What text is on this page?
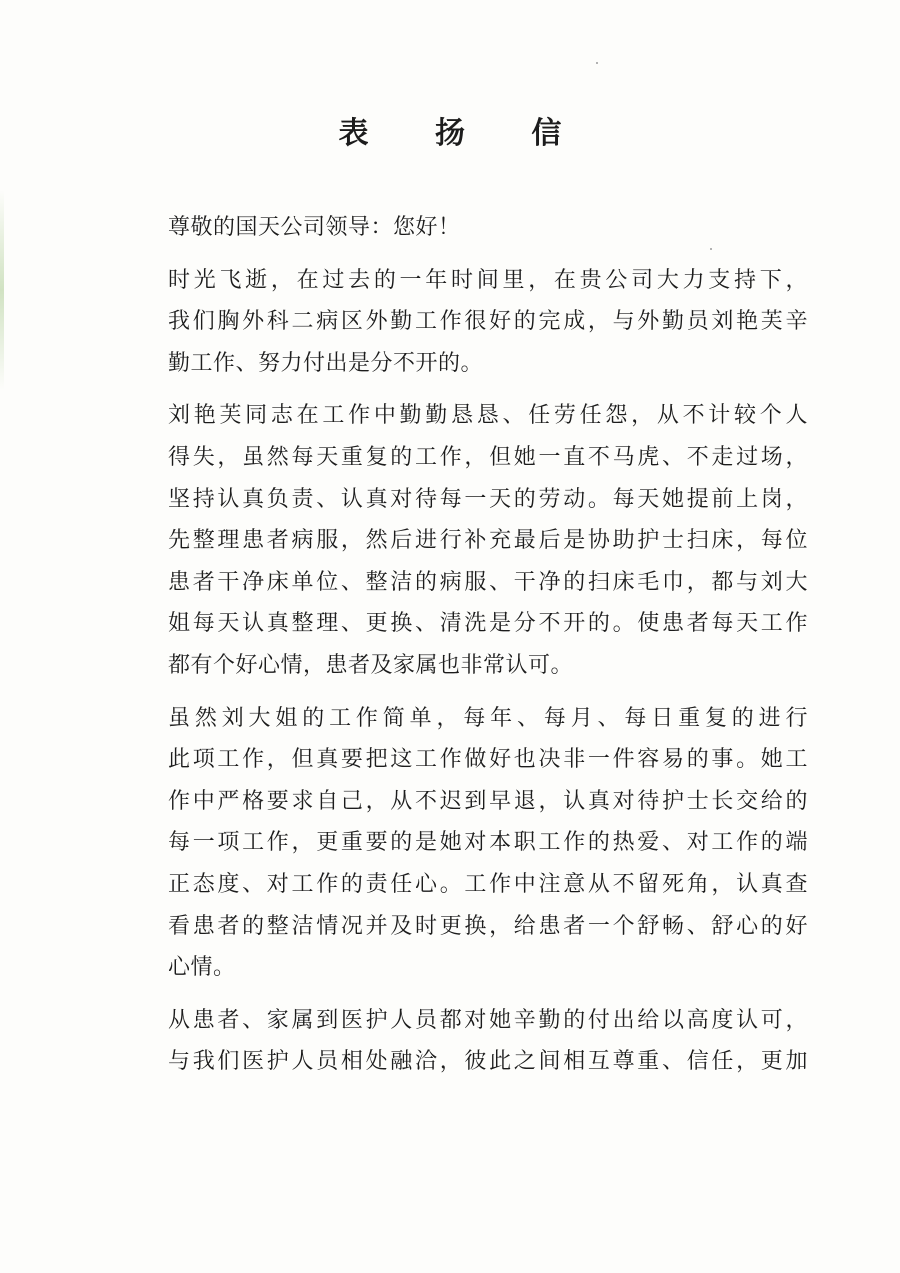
表 扬 信
尊敬的国天公司领导：您好！
时光飞逝，在过去的一年时间里，在贵公司大力支持下，
我们胸外科二病区外勤工作很好的完成，与外勤员刘艳芙辛
勤工作、努力付出是分不开的。
刘艳芙同志在工作中勤勤恳恳、任劳任怨，从不计较个人
得失，虽然每天重复的工作，但她一直不马虎、不走过场，
坚持认真负责、认真对待每一天的劳动。每天她提前上岗，
先整理患者病服，然后进行补充最后是协助护士扫床，每位
患者干净床单位、整洁的病服、干净的扫床毛巾，都与刘大
姐每天认真整理、更换、清洗是分不开的。使患者每天工作
都有个好心情，患者及家属也非常认可。
虽然刘大姐的工作简单，每年、每月、每日重复的进行
此项工作，但真要把这工作做好也决非一件容易的事。她工
作中严格要求自己，从不迟到早退，认真对待护士长交给的
每一项工作，更重要的是她对本职工作的热爱、对工作的端
正态度、对工作的责任心。工作中注意从不留死角，认真查
看患者的整洁情况并及时更换，给患者一个舒畅、舒心的好
心情。
从患者、家属到医护人员都对她辛勤的付出给以高度认可，
与我们医护人员相处融洽，彼此之间相互尊重、信任，更加
